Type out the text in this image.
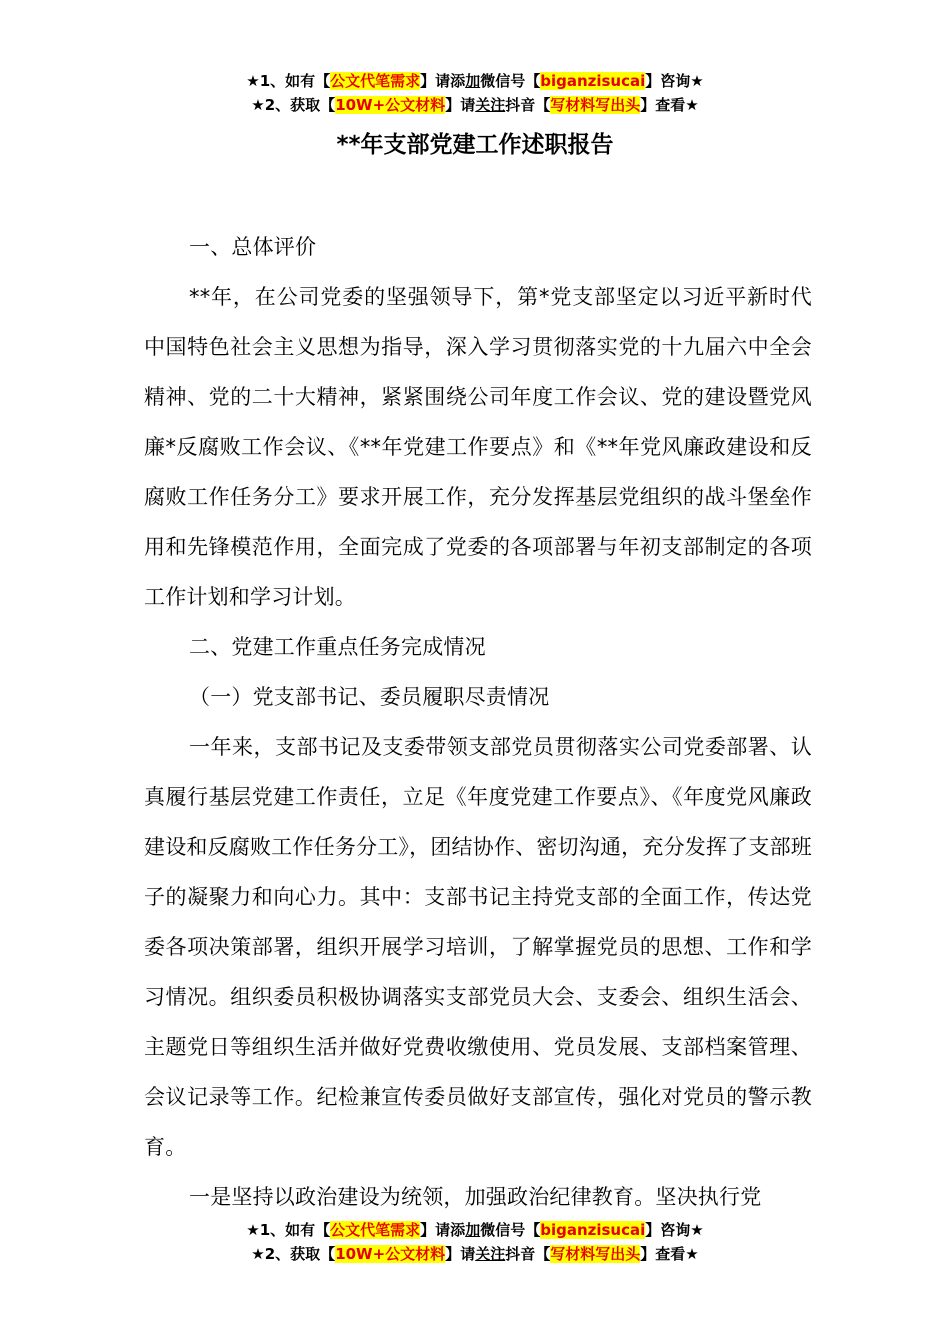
★1、如有【公文代笔需求】请添加微信号【biganzisucai】咨询★
★2、获取【10W+公文材料】请关注抖音【写材料写出头】查看★
**年支部党建工作述职报告

一、总体评价

**年，在公司党委的坚强领导下，第*党支部坚定以习近平新时代中国特色社会主义思想为指导，深入学习贯彻落实党的十九届六中全会精神、党的二十大精神，紧紧围绕公司年度工作会议、党的建设暨党风廉*反腐败工作会议、《**年党建工作要点》和《**年党风廉政建设和反腐败工作任务分工》要求开展工作，充分发挥基层党组织的战斗堡垒作用和先锋模范作用，全面完成了党委的各项部署与年初支部制定的各项工作计划和学习计划。

二、党建工作重点任务完成情况

（一）党支部书记、委员履职尽责情况

一年来，支部书记及支委带领支部党员贯彻落实公司党委部署、认真履行基层党建工作责任，立足《年度党建工作要点》、《年度党风廉政建设和反腐败工作任务分工》，团结协作、密切沟通，充分发挥了支部班子的凝聚力和向心力。其中：支部书记主持党支部的全面工作，传达党委各项决策部署，组织开展学习培训，了解掌握党员的思想、工作和学习情况。组织委员积极协调落实支部党员大会、支委会、组织生活会、主题党日等组织生活并做好党费收缴使用、党员发展、支部档案管理、会议记录等工作。纪检兼宣传委员做好支部宣传，强化对党员的警示教育。

一是坚持以政治建设为统领，加强政治纪律教育。坚决执行党

★1、如有【公文代笔需求】请添加微信号【biganzisucai】咨询★
★2、获取【10W+公文材料】请关注抖音【写材料写出头】查看★
